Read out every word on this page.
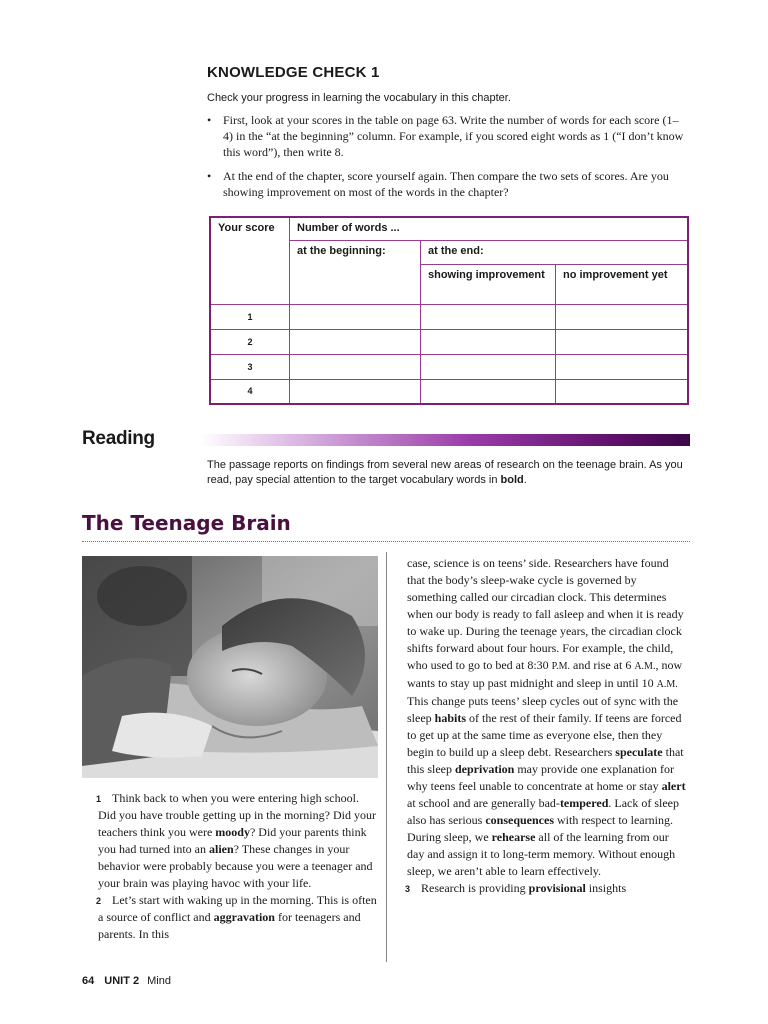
KNOWLEDGE CHECK 1
Check your progress in learning the vocabulary in this chapter.
• First, look at your scores in the table on page 63. Write the number of words for each score (1–4) in the “at the beginning” column. For example, if you scored eight words as 1 (“I don’t know this word”), then write 8.
• At the end of the chapter, score yourself again. Then compare the two sets of scores. Are you showing improvement on most of the words in the chapter?
Your score	Number of words ...		
	at the beginning:	at the end:	
		showing improvement	no improvement yet
1			
2			
3			
4			
Reading
The passage reports on findings from several new areas of research on the teenage brain. As you read, pay special attention to the target vocabulary words in bold.
The Teenage Brain
1 Think back to when you were entering high school. Did you have trouble getting up in the morning? Did your teachers think you were moody? Did your parents think you had turned into an alien? These changes in your behavior were probably because you were a teenager and your brain was playing havoc with your life.
2 Let’s start with waking up in the morning. This is often a source of conflict and aggravation for teenagers and parents. In this
case, science is on teens’ side. Researchers have found that the body’s sleep-wake cycle is governed by something called our circadian clock. This determines when our body is ready to fall asleep and when it is ready to wake up. During the teenage years, the circadian clock shifts forward about four hours. For example, the child, who used to go to bed at 8:30 P.M. and rise at 6 A.M., now wants to stay up past midnight and sleep in until 10 A.M. This change puts teens’ sleep cycles out of sync with the sleep habits of the rest of their family. If teens are forced to get up at the same time as everyone else, then they begin to build up a sleep debt. Researchers speculate that this sleep deprivation may provide one explanation for why teens feel unable to concentrate at home or stay alert at school and are generally bad-tempered. Lack of sleep also has serious consequences with respect to learning. During sleep, we rehearse all of the learning from our day and assign it to long-term memory. Without enough sleep, we aren’t able to learn effectively.
3 Research is providing provisional insights
64 UNIT 2 Mind
